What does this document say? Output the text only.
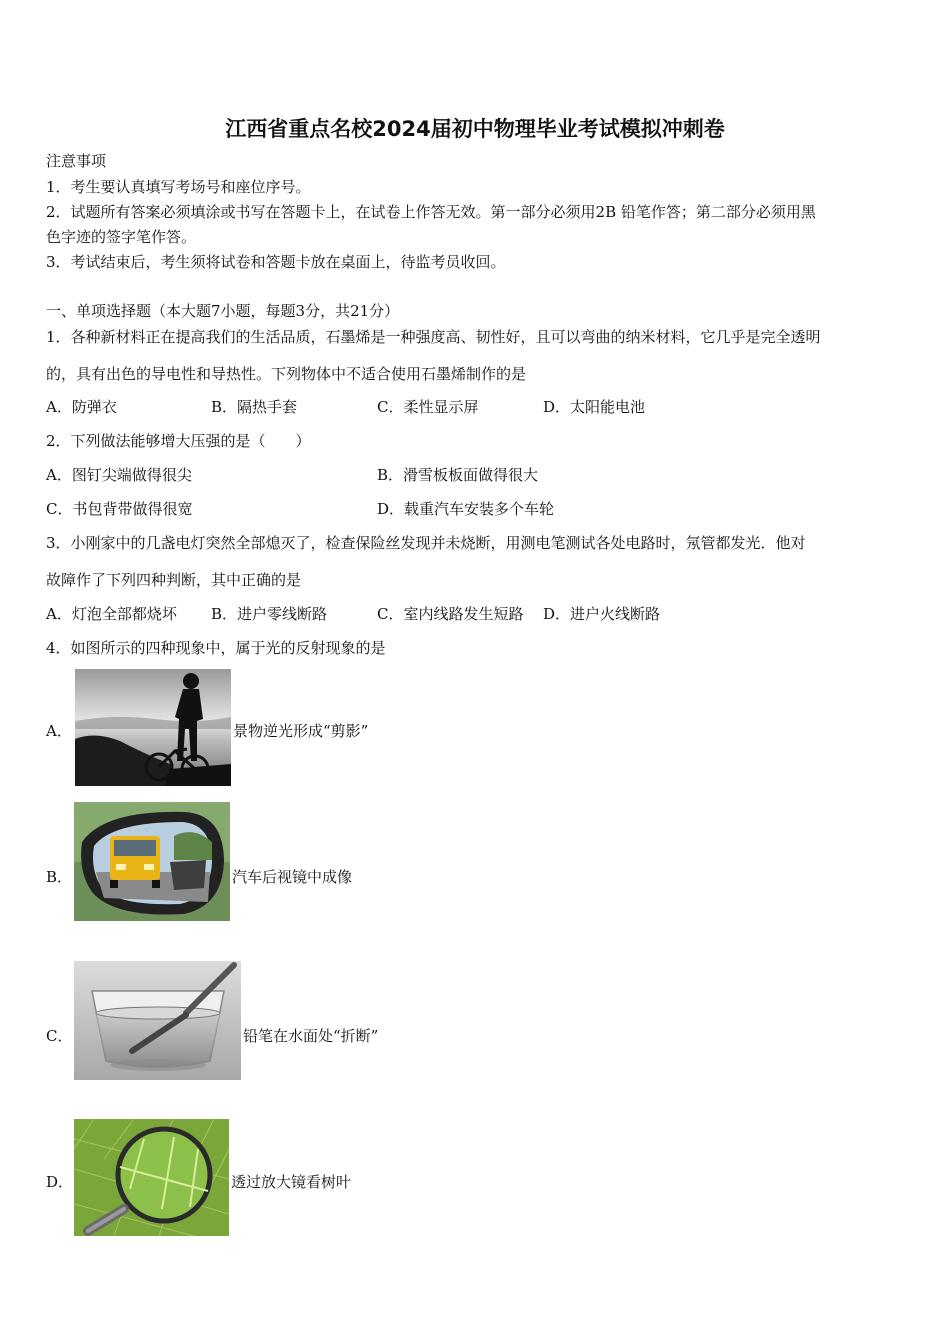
江西省重点名校2024届初中物理毕业考试模拟冲刺卷
注意事项
1．考生要认真填写考场号和座位序号。
2．试题所有答案必须填涂或书写在答题卡上，在试卷上作答无效。第一部分必须用2B 铅笔作答；第二部分必须用黑
色字迹的签字笔作答。
3．考试结束后，考生须将试卷和答题卡放在桌面上，待监考员收回。
一、单项选择题（本大题7小题，每题3分，共21分）
1．各种新材料正在提高我们的生活品质，石墨烯是一种强度高、韧性好，且可以弯曲的纳米材料，它几乎是完全透明
的，具有出色的导电性和导热性。下列物体中不适合使用石墨烯制作的是
A．防弹衣	B．隔热手套	C．柔性显示屏	D．太阳能电池
2．下列做法能够增大压强的是（　　）
A．图钉尖端做得很尖	B．滑雪板板面做得很大
C．书包背带做得很宽	D．载重汽车安装多个车轮
3．小刚家中的几盏电灯突然全部熄灭了，检查保险丝发现并未烧断，用测电笔测试各处电路时，氖管都发光．他对
故障作了下列四种判断，其中正确的是
A．灯泡全部都烧坏 B．进户零线断路	C．室内线路发生短路 D．进户火线断路
4．如图所示的四种现象中，属于光的反射现象的是
A．	景物逆光形成“剪影”
B．	汽车后视镜中成像
C．	铅笔在水面处“折断”
D．	透过放大镜看树叶
